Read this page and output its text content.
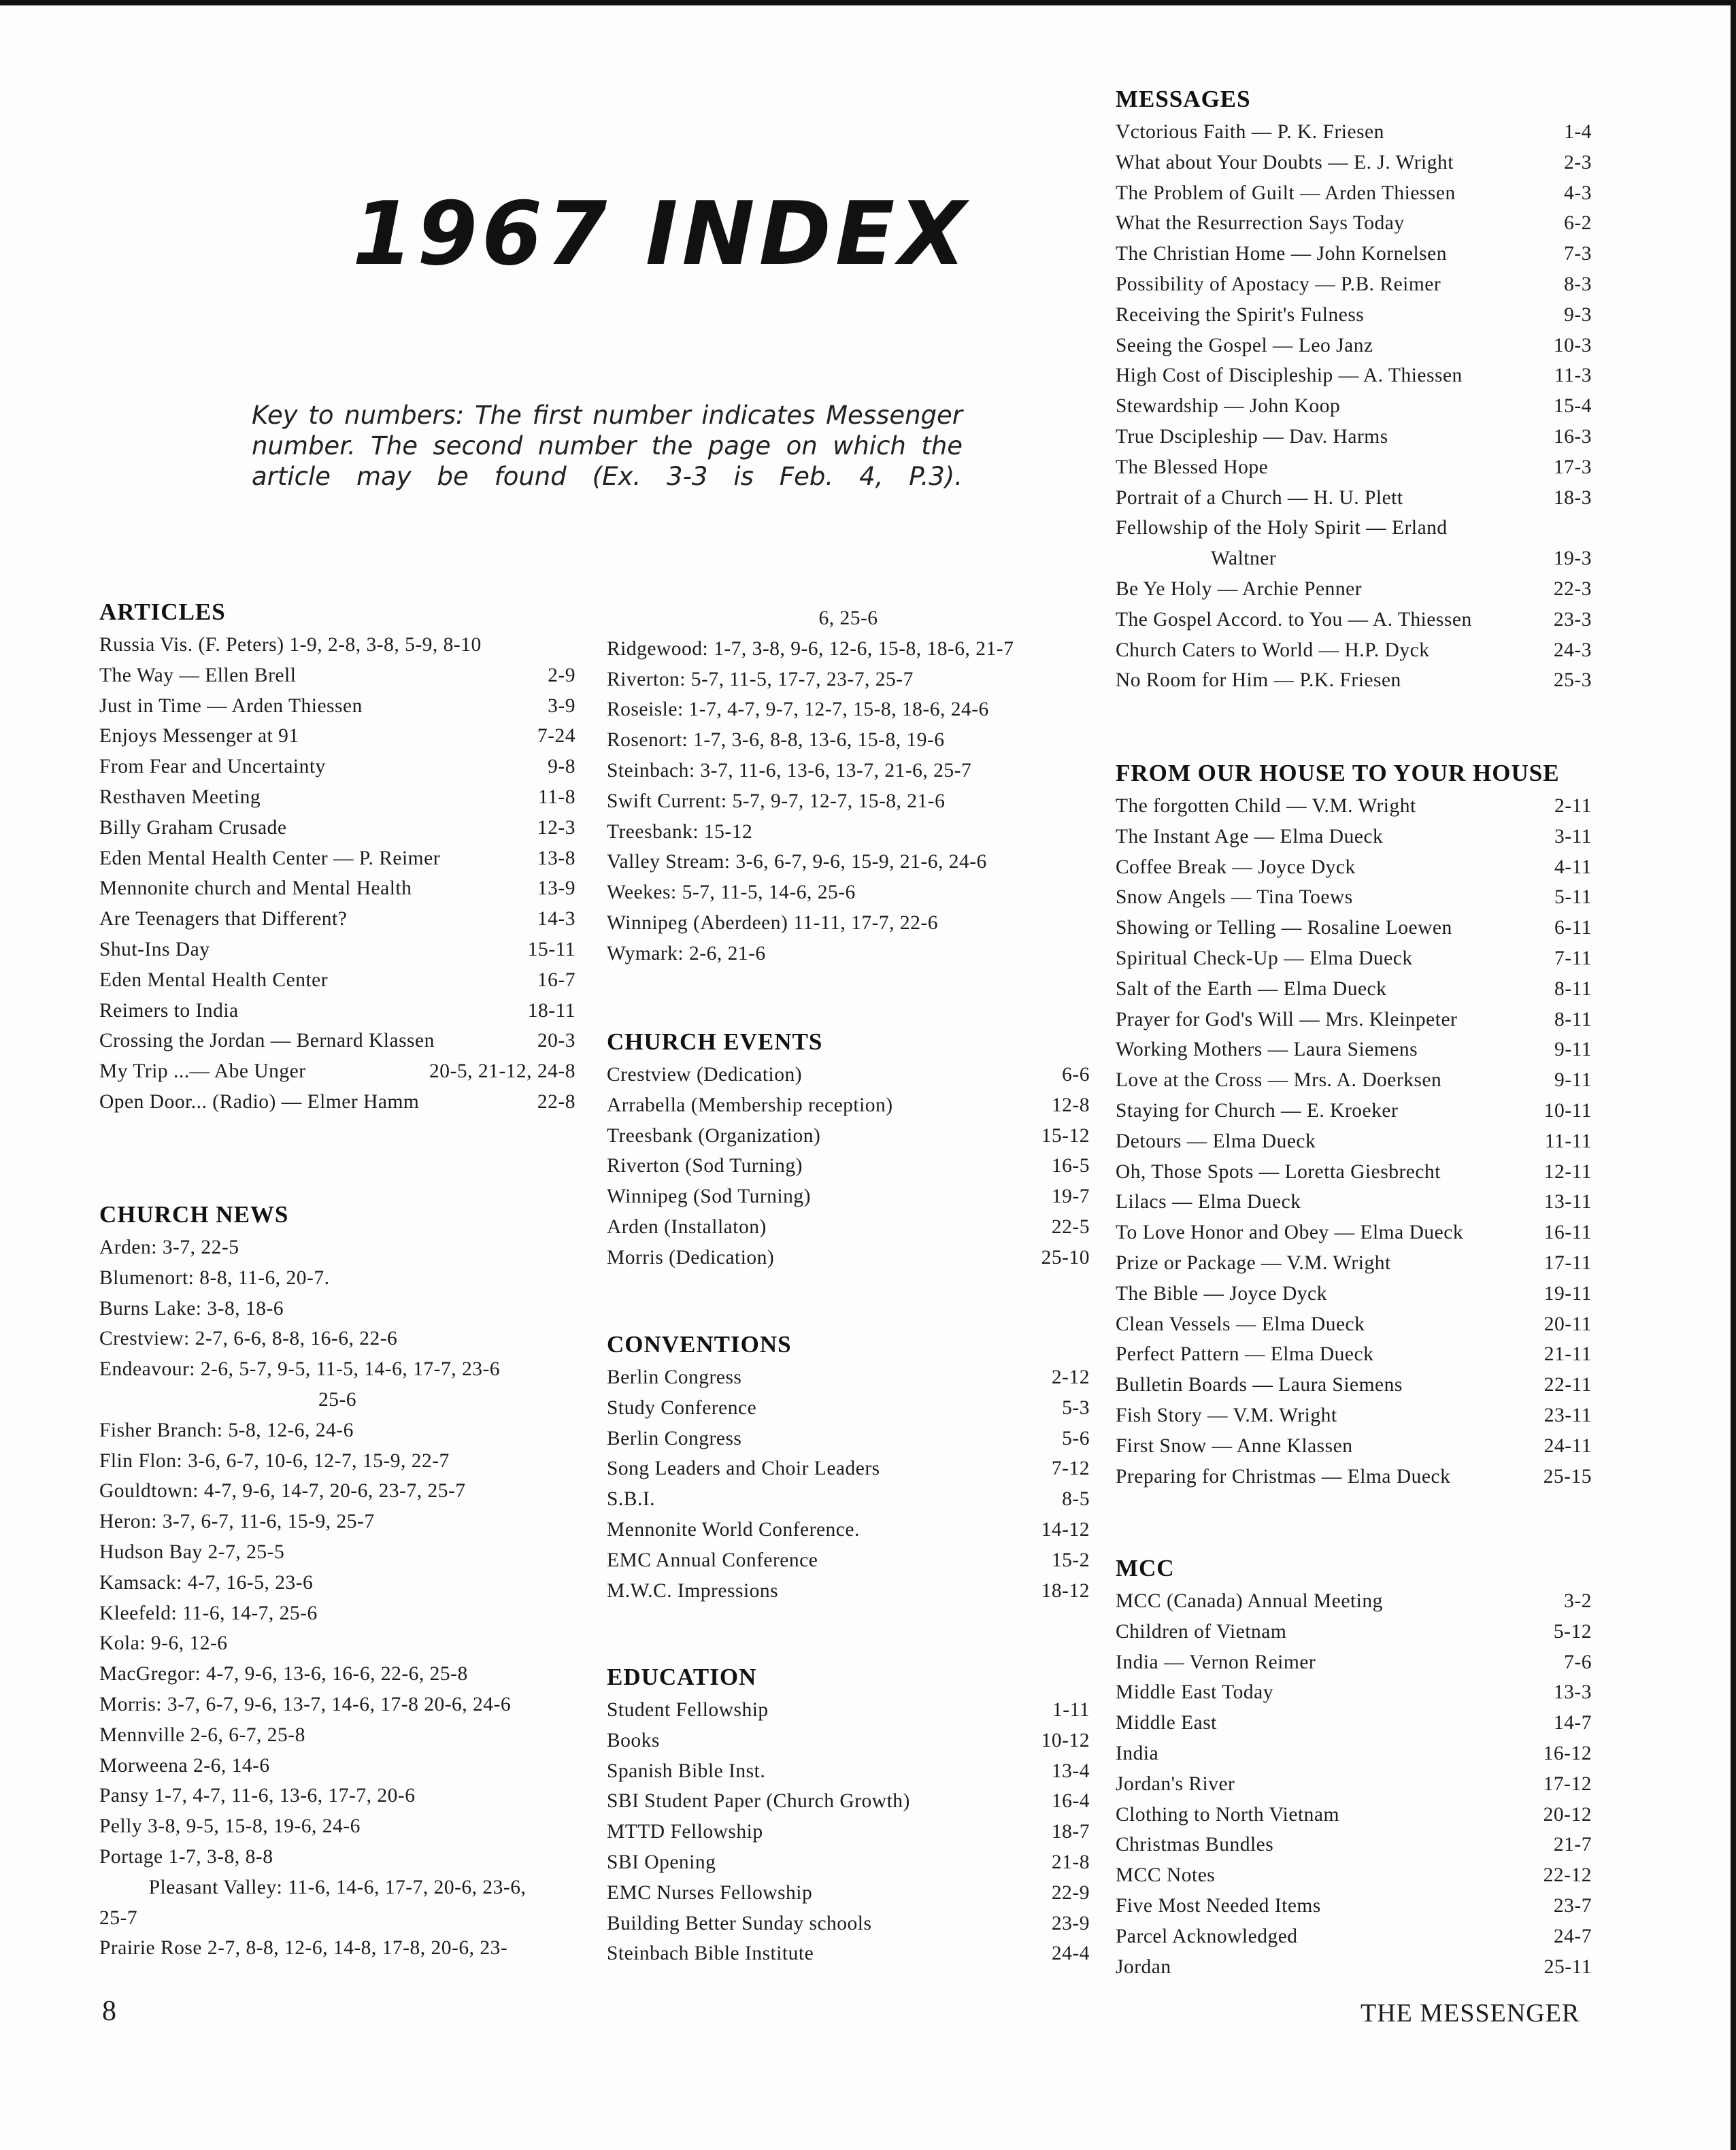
1967 INDEX
Key to numbers: The first number indicates Messenger number. The second number the page on which the article may be found (Ex. 3-3 is Feb. 4, P.3).
ARTICLES
Russia Vis. (F. Peters) 1-9, 2-8, 3-8, 5-9, 8-10
The Way — Ellen Brell	2-9
Just in Time — Arden Thiessen	3-9
Enjoys Messenger at 91	7-24
From Fear and Uncertainty	9-8
Resthaven Meeting	11-8
Billy Graham Crusade	12-3
Eden Mental Health Center — P. Reimer	13-8
Mennonite church and Mental Health	13-9
Are Teenagers that Different?	14-3
Shut-Ins Day	15-11
Eden Mental Health Center	16-7
Reimers to India	18-11
Crossing the Jordan — Bernard Klassen	20-3
My Trip ...— Abe Unger	20-5, 21-12, 24-8
Open Door... (Radio) — Elmer Hamm	22-8
CHURCH NEWS
Arden: 3-7, 22-5
Blumenort: 8-8, 11-6, 20-7.
Burns Lake: 3-8, 18-6
Crestview: 2-7, 6-6, 8-8, 16-6, 22-6
Endeavour: 2-6, 5-7, 9-5, 11-5, 14-6, 17-7, 23-6
25-6
Fisher Branch: 5-8, 12-6, 24-6
Flin Flon: 3-6, 6-7, 10-6, 12-7, 15-9, 22-7
Gouldtown: 4-7, 9-6, 14-7, 20-6, 23-7, 25-7
Heron: 3-7, 6-7, 11-6, 15-9, 25-7
Hudson Bay 2-7, 25-5
Kamsack: 4-7, 16-5, 23-6
Kleefeld: 11-6, 14-7, 25-6
Kola: 9-6, 12-6
MacGregor: 4-7, 9-6, 13-6, 16-6, 22-6, 25-8
Morris: 3-7, 6-7, 9-6, 13-7, 14-6, 17-8 20-6, 24-6
Mennville 2-6, 6-7, 25-8
Morweena 2-6, 14-6
Pansy 1-7, 4-7, 11-6, 13-6, 17-7, 20-6
Pelly 3-8, 9-5, 15-8, 19-6, 24-6
Portage 1-7, 3-8, 8-8
Pleasant Valley: 11-6, 14-6, 17-7, 20-6, 23-6,
25-7
Prairie Rose 2-7, 8-8, 12-6, 14-8, 17-8, 20-6, 23-
6, 25-6
Ridgewood: 1-7, 3-8, 9-6, 12-6, 15-8, 18-6, 21-7
Riverton: 5-7, 11-5, 17-7, 23-7, 25-7
Roseisle: 1-7, 4-7, 9-7, 12-7, 15-8, 18-6, 24-6
Rosenort: 1-7, 3-6, 8-8, 13-6, 15-8, 19-6
Steinbach: 3-7, 11-6, 13-6, 13-7, 21-6, 25-7
Swift Current: 5-7, 9-7, 12-7, 15-8, 21-6
Treesbank: 15-12
Valley Stream: 3-6, 6-7, 9-6, 15-9, 21-6, 24-6
Weekes: 5-7, 11-5, 14-6, 25-6
Winnipeg (Aberdeen) 11-11, 17-7, 22-6
Wymark: 2-6, 21-6
CHURCH EVENTS
Crestview (Dedication)	6-6
Arrabella (Membership reception)	12-8
Treesbank (Organization)	15-12
Riverton (Sod Turning)	16-5
Winnipeg (Sod Turning)	19-7
Arden (Installaton)	22-5
Morris (Dedication)	25-10
CONVENTIONS
Berlin Congress	2-12
Study Conference	5-3
Berlin Congress	5-6
Song Leaders and Choir Leaders	7-12
S.B.I.	8-5
Mennonite World Conference.	14-12
EMC Annual Conference	15-2
M.W.C. Impressions	18-12
EDUCATION
Student Fellowship	1-11
Books	10-12
Spanish Bible Inst.	13-4
SBI Student Paper (Church Growth)	16-4
MTTD Fellowship	18-7
SBI Opening	21-8
EMC Nurses Fellowship	22-9
Building Better Sunday schools	23-9
Steinbach Bible Institute	24-4
MESSAGES
Vctorious Faith — P. K. Friesen	1-4
What about Your Doubts — E. J. Wright	2-3
The Problem of Guilt — Arden Thiessen	4-3
What the Resurrection Says Today	6-2
The Christian Home — John Kornelsen	7-3
Possibility of Apostacy — P.B. Reimer	8-3
Receiving the Spirit's Fulness	9-3
Seeing the Gospel — Leo Janz	10-3
High Cost of Discipleship — A. Thiessen	11-3
Stewardship — John Koop	15-4
True Dscipleship — Dav. Harms	16-3
The Blessed Hope	17-3
Portrait of a Church — H. U. Plett	18-3
Fellowship of the Holy Spirit — Erland
Waltner	19-3
Be Ye Holy — Archie Penner	22-3
The Gospel Accord. to You — A. Thiessen	23-3
Church Caters to World — H.P. Dyck	24-3
No Room for Him — P.K. Friesen	25-3
FROM OUR HOUSE TO YOUR HOUSE
The forgotten Child — V.M. Wright	2-11
The Instant Age — Elma Dueck	3-11
Coffee Break — Joyce Dyck	4-11
Snow Angels — Tina Toews	5-11
Showing or Telling — Rosaline Loewen	6-11
Spiritual Check-Up — Elma Dueck	7-11
Salt of the Earth — Elma Dueck	8-11
Prayer for God's Will — Mrs. Kleinpeter	8-11
Working Mothers — Laura Siemens	9-11
Love at the Cross — Mrs. A. Doerksen	9-11
Staying for Church — E. Kroeker	10-11
Detours — Elma Dueck	11-11
Oh, Those Spots — Loretta Giesbrecht	12-11
Lilacs — Elma Dueck	13-11
To Love Honor and Obey — Elma Dueck	16-11
Prize or Package — V.M. Wright	17-11
The Bible — Joyce Dyck	19-11
Clean Vessels — Elma Dueck	20-11
Perfect Pattern — Elma Dueck	21-11
Bulletin Boards — Laura Siemens	22-11
Fish Story — V.M. Wright	23-11
First Snow — Anne Klassen	24-11
Preparing for Christmas — Elma Dueck	25-15
MCC
MCC (Canada) Annual Meeting	3-2
Children of Vietnam	5-12
India — Vernon Reimer	7-6
Middle East Today	13-3
Middle East	14-7
India	16-12
Jordan's River	17-12
Clothing to North Vietnam	20-12
Christmas Bundles	21-7
MCC Notes	22-12
Five Most Needed Items	23-7
Parcel Acknowledged	24-7
Jordan	25-11
8	THE MESSENGER
